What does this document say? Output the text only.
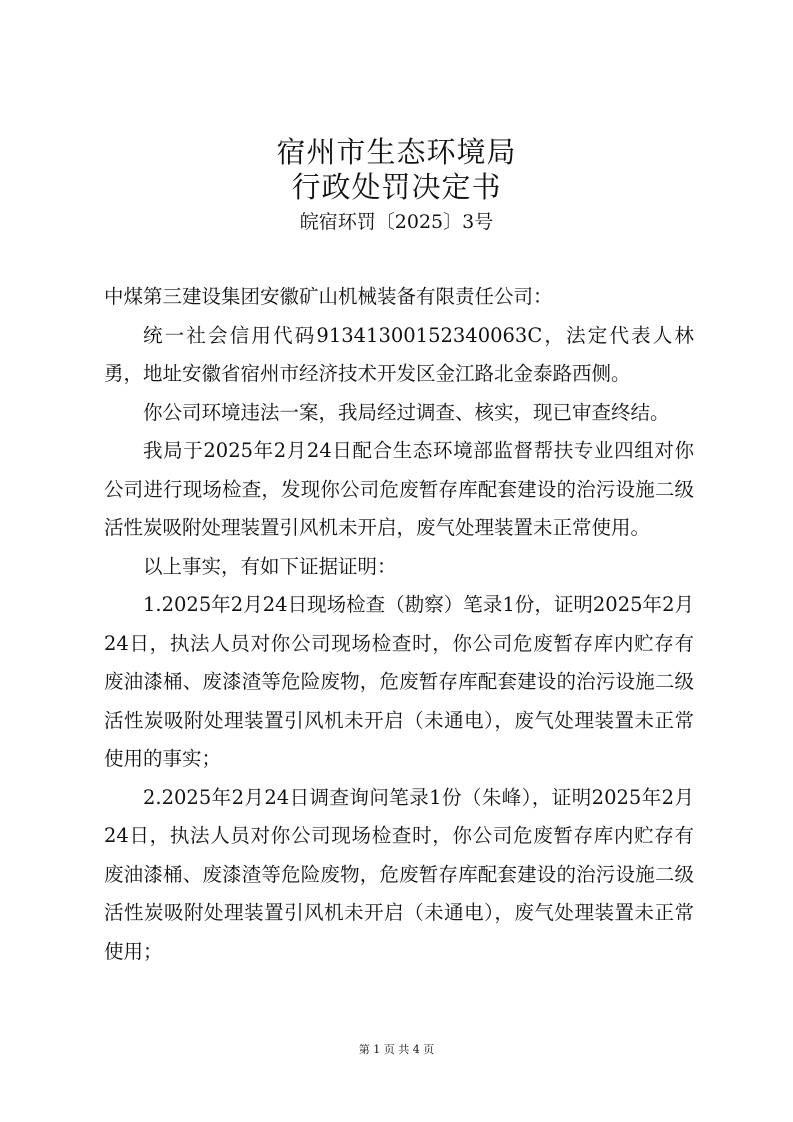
宿州市生态环境局
行政处罚决定书
皖宿环罚〔2025〕3号

中煤第三建设集团安徽矿山机械装备有限责任公司：

统一社会信用代码91341300152340063C，法定代表人林勇，地址安徽省宿州市经济技术开发区金江路北金泰路西侧。

你公司环境违法一案，我局经过调查、核实，现已审查终结。

我局于2025年2月24日配合生态环境部监督帮扶专业四组对你公司进行现场检查，发现你公司危废暂存库配套建设的治污设施二级活性炭吸附处理装置引风机未开启，废气处理装置未正常使用。

以上事实，有如下证据证明：

1.2025年2月24日现场检查（勘察）笔录1份，证明2025年2月24日，执法人员对你公司现场检查时，你公司危废暂存库内贮存有废油漆桶、废漆渣等危险废物，危废暂存库配套建设的治污设施二级活性炭吸附处理装置引风机未开启（未通电），废气处理装置未正常使用的事实；

2.2025年2月24日调查询问笔录1份（朱峰），证明2025年2月24日，执法人员对你公司现场检查时，你公司危废暂存库内贮存有废油漆桶、废漆渣等危险废物，危废暂存库配套建设的治污设施二级活性炭吸附处理装置引风机未开启（未通电），废气处理装置未正常使用；

第 1 页 共 4 页
